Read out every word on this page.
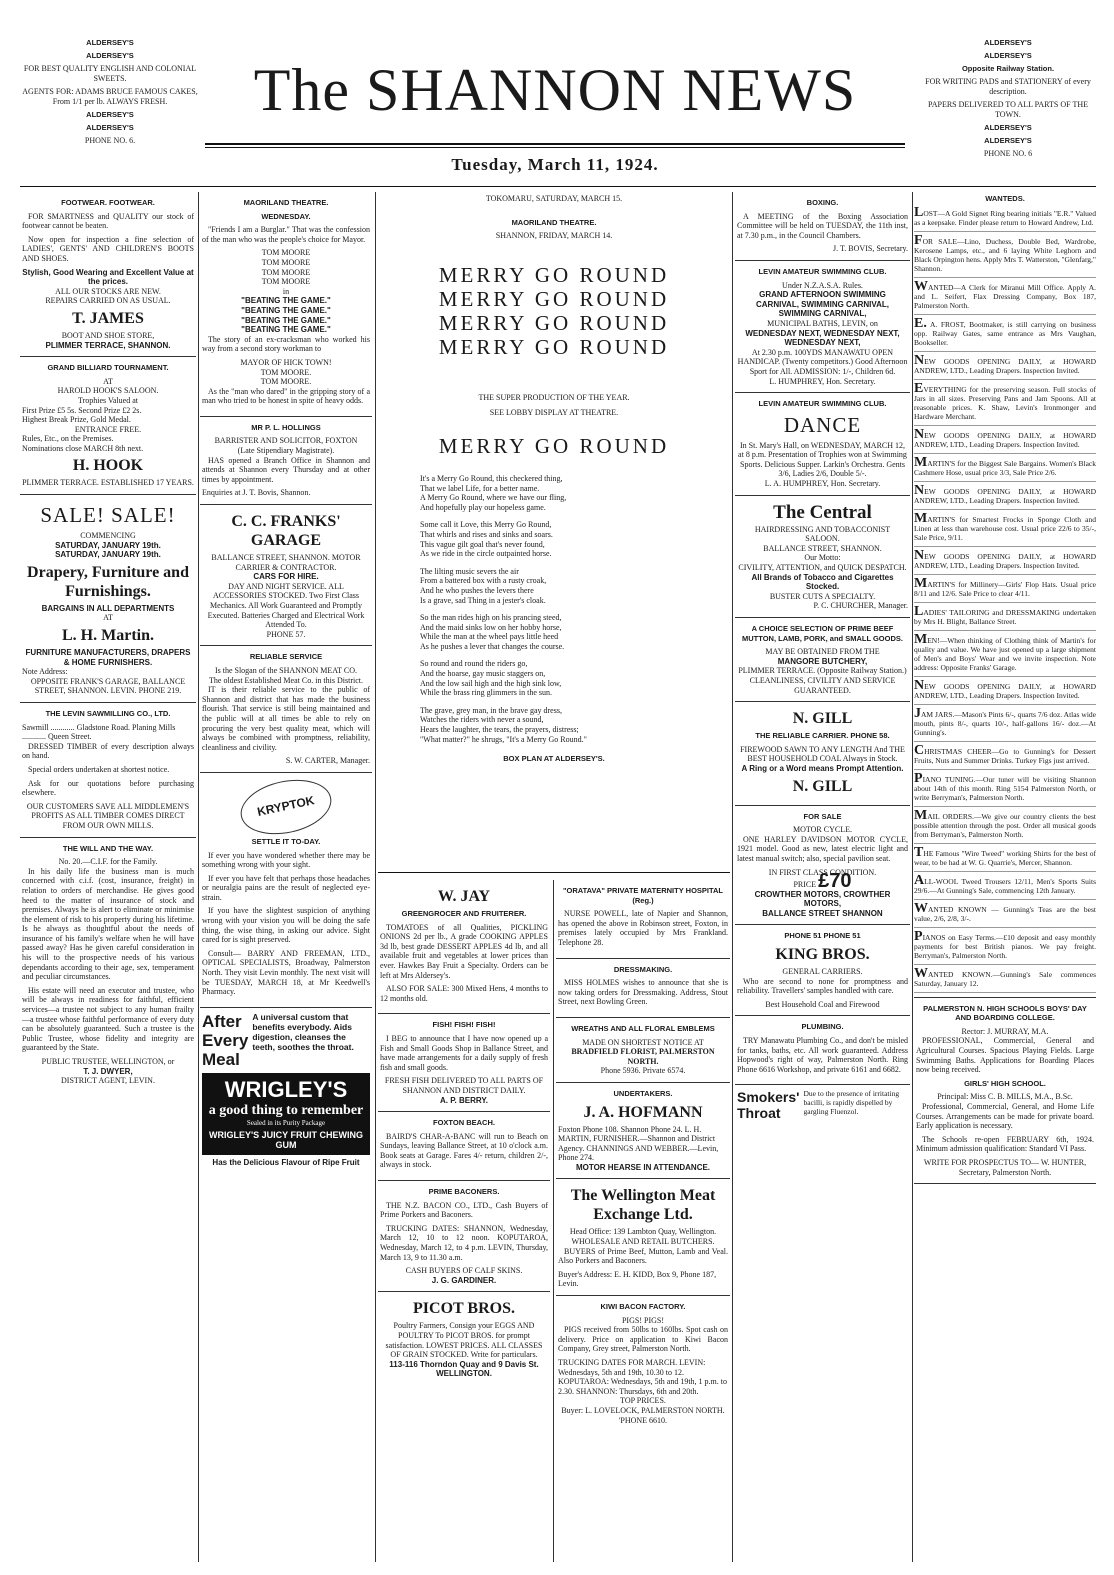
ALDERSEY'S
ALDERSEY'S
FOR BEST QUALITY ENGLISH AND COLONIAL SWEETS.
AGENTS FOR: ADAMS BRUCE FAMOUS CAKES, From 1/1 per lb. ALWAYS FRESH.
ALDERSEY'S
ALDERSEY'S
PHONE NO. 6.
The SHANNON NEWS
ALDERSEY'S
ALDERSEY'S
Opposite Railway Station.
FOR WRITING PADS and STATIONERY of every description.
PAPERS DELIVERED TO ALL PARTS OF THE TOWN.
ALDERSEY'S
ALDERSEY'S
PHONE NO. 6
Tuesday, March 11, 1924.
FOOTWEAR. FOOTWEAR.

FOR SMARTNESS and QUALITY our stock of footwear cannot be beaten.

Now open for inspection a fine selection of LADIES', GENTS' AND CHILDREN'S BOOTS AND SHOES.

Stylish, Good Wearing and Excellent Value at the prices.
ALL OUR STOCKS ARE NEW.
REPAIRS CARRIED ON AS USUAL.
T. JAMES
BOOT AND SHOE STORE,
PLIMMER TERRACE, SHANNON.
GRAND BILLIARD TOURNAMENT.
AT
HAROLD HOOK'S SALOON.
Trophies Valued at
First Prize £5 5s. Second Prize £2 2s.
Highest Break Prize, Gold Medal.
ENTRANCE FREE.
Rules, Etc., on the Premises.
Nominations close MARCH 8th next.
H. HOOK
PLIMMER TERRACE. ESTABLISHED 17 YEARS.
SALE! SALE!
COMMENCING
SATURDAY, JANUARY 19th.
SATURDAY, JANUARY 19th.
Drapery, Furniture and Furnishings.
BARGAINS IN ALL DEPARTMENTS
AT
L. H. Martin.
FURNITURE MANUFACTURERS, DRAPERS & HOME FURNISHERS.
Note Address:
OPPOSITE FRANK'S GARAGE, BALLANCE STREET, SHANNON. LEVIN. PHONE 219.
THE LEVIN SAWMILLING CO., LTD.
Sawmill ............ Gladstone Road. Planing Mills ............ Queen Street.

DRESSED TIMBER of every description always on hand.

Special orders undertaken at shortest notice.

Ask for our quotations before purchasing elsewhere.

OUR CUSTOMERS SAVE ALL MIDDLEMEN'S PROFITS AS ALL TIMBER COMES DIRECT FROM OUR OWN MILLS.
THE WILL AND THE WAY.
No. 20.—C.I.F. for the Family.

In his daily life the business man is much concerned with c.i.f. (cost, insurance, freight) in relation to orders of merchandise. He gives good heed to the matter of insurance of stock and premises. Always he is alert to eliminate or minimise the element of risk to his property during his lifetime. Is he always as thoughtful about the needs of insurance of his family's welfare when he will have passed away? Has he given careful consideration in his will to the prospective needs of his various dependants according to their age, sex, temperament and peculiar circumstances.

His estate will need an executor and trustee, who will be always in readiness for faithful, efficient services—a trustee not subject to any human frailty—a trustee whose faithful performance of every duty can be absolutely guaranteed. Such a trustee is the Public Trustee, whose fidelity and integrity are guaranteed by the State.

PUBLIC TRUSTEE, WELLINGTON, or
T. J. DWYER,
DISTRICT AGENT, LEVIN.
MAORILAND THEATRE.
WEDNESDAY.

"Friends I am a Burglar." That was the confession of the man who was the people's choice for Mayor.

TOM MOORE
TOM MOORE
TOM MOORE
TOM MOORE
in
"BEATING THE GAME."
"BEATING THE GAME."
"BEATING THE GAME."
"BEATING THE GAME."

The story of an ex-cracksman who worked his way from a second story workman to

MAYOR OF HICK TOWN!
TOM MOORE.
TOM MOORE.

As the "man who dared" in the gripping story of a man who tried to be honest in spite of heavy odds.

MR P. L. HOLLINGS
BARRISTER AND SOLICITOR, FOXTON
(Late Stipendiary Magistrate).

HAS opened a Branch Office in Shannon and attends at Shannon every Thursday and at other times by appointment.

Enquiries at J. T. Bovis, Shannon.
C. C. FRANKS' GARAGE
BALLANCE STREET, SHANNON. MOTOR CARRIER & CONTRACTOR.
CARS FOR HIRE.
DAY AND NIGHT SERVICE. ALL ACCESSORIES STOCKED. Two First Class Mechanics. All Work Guaranteed and Promptly Executed. Batteries Charged and Electrical Work Attended To.
PHONE 57.
RELIABLE SERVICE
Is the Slogan of the SHANNON MEAT CO.
The oldest Established Meat Co. in this District.

IT is their reliable service to the public of Shannon and district that has made the business flourish. That service is still being maintained and the public will at all times be able to rely on procuring the very best quality meat, which will always be combined with promptness, reliability, cleanliness and civility.

S. W. CARTER, Manager.
KRYPTOK
SETTLE IT TO-DAY.

If ever you have wondered whether there may be something wrong with your sight.

If ever you have felt that perhaps those headaches or neuralgia pains are the result of neglected eye-strain.

If you have the slightest suspicion of anything wrong with your vision you will be doing the safe thing, the wise thing, in asking our advice. Sight cared for is sight preserved.

Consult— BARRY AND FREEMAN, LTD., OPTICAL SPECIALISTS, Broadway, Palmerston North. They visit Levin monthly. The next visit will be TUESDAY, MARCH 18, at Mr Keedwell's Pharmacy.

After Every Meal
A universal custom that benefits everybody. Aids digestion, cleanses the teeth, soothes the throat.
WRIGLEY'S
a good thing to remember
Sealed in its Purity Package
WRIGLEY'S JUICY FRUIT CHEWING GUM
Has the Delicious Flavour of Ripe Fruit
TOKOMARU, SATURDAY, MARCH 15.
MAORILAND THEATRE.
SHANNON, FRIDAY, MARCH 14.
MERRY GO ROUND
MERRY GO ROUND
MERRY GO ROUND
MERRY GO ROUND
THE SUPER PRODUCTION OF THE YEAR.
SEE LOBBY DISPLAY AT THEATRE.
MERRY GO ROUND
It's a Merry Go Round, this checkered thing,
That we label Life, for a better name.
A Merry Go Round, where we have our fling,
And hopefully play our hopeless game.
Some call it Love, this Merry Go Round,
That whirls and rises and sinks and soars.
This vague gilt goal that's never found,
As we ride in the circle outpainted horse.
The lilting music severs the air
From a battered box with a rusty croak,
And he who pushes the levers there
Is a grave, sad Thing in a jester's cloak.
So the man rides high on his prancing steed,
And the maid sinks low on her hobby horse,
While the man at the wheel pays little heed
As he pushes a lever that changes the course.
So round and round the riders go,
And the hoarse, gay music staggers on,
And the low sail high and the high sink low,
While the brass ring glimmers in the sun.
The grave, grey man, in the brave gay dress,
Watches the riders with never a sound,
Hears the laughter, the tears, the prayers, distress;
"What matter?" he shrugs, "It's a Merry Go Round."
BOX PLAN AT ALDERSEY'S.
W. JAY
GREENGROCER AND FRUITERER.

TOMATOES of all Qualities, PICKLING ONIONS 2d per lb., A grade COOKING APPLES 3d lb, best grade DESSERT APPLES 4d lb, and all available fruit and vegetables at lower prices than ever. Hawkes Bay Fruit a Specialty. Orders can be left at Mrs Aldersey's.

ALSO FOR SALE: 300 Mixed Hens, 4 months to 12 months old.

FISH! FISH! FISH!

I BEG to announce that I have now opened up a Fish and Small Goods Shop in Ballance Street, and have made arrangements for a daily supply of fresh fish and small goods.

FRESH FISH DELIVERED TO ALL PARTS OF SHANNON AND DISTRICT DAILY.
A. P. BERRY.
FOXTON BEACH.

BAIRD'S CHAR-A-BANC will run to Beach on Sundays, leaving Ballance Street, at 10 o'clock a.m. Book seats at Garage. Fares 4/- return, children 2/-, always in stock.

PRIME BACONERS.

THE N.Z. BACON CO., LTD., Cash Buyers of Prime Porkers and Baconers.

TRUCKING DATES: SHANNON, Wednesday, March 12, 10 to 12 noon. KOPUTAROA, Wednesday, March 12, to 4 p.m. LEVIN, Thursday, March 13, 9 to 11.30 a.m.

CASH BUYERS OF CALF SKINS.
J. G. GARDINER.
PICOT BROS.
Poultry Farmers, Consign your EGGS AND POULTRY To PICOT BROS. for prompt satisfaction. LOWEST PRICES. ALL CLASSES OF GRAIN STOCKED. Write for particulars.
113-116 Thorndon Quay and 9 Davis St. WELLINGTON.
"ORATAVA" PRIVATE MATERNITY HOSPITAL (Reg.)

NURSE POWELL, late of Napier and Shannon, has opened the above in Robinson street, Foxton, in premises lately occupied by Mrs Frankland. Telephone 28.

DRESSMAKING.

MISS HOLMES wishes to announce that she is now taking orders for Dressmaking. Address, Stout Street, next Bowling Green.

WREATHS AND ALL FLORAL EMBLEMS
MADE ON SHORTEST NOTICE AT
BRADFIELD FLORIST, PALMERSTON NORTH.
Phone 5936. Private 6574.
UNDERTAKERS.
J. A. HOFMANN
Foxton Phone 108. Shannon Phone 24. L. H. MARTIN, FURNISHER.—Shannon and District Agency. CHANNINGS AND WEBBER.—Levin, Phone 274.
MOTOR HEARSE IN ATTENDANCE.
The Wellington Meat Exchange Ltd.
Head Office: 139 Lambton Quay, Wellington.
WHOLESALE AND RETAIL BUTCHERS.

BUYERS of Prime Beef, Mutton, Lamb and Veal. Also Porkers and Baconers.

Buyer's Address: E. H. KIDD, Box 9, Phone 187, Levin.
KIWI BACON FACTORY.
PIGS! PIGS!

PIGS received from 50lbs to 160lbs. Spot cash on delivery. Price on application to Kiwi Bacon Company, Grey street, Palmerston North.

TRUCKING DATES FOR MARCH. LEVIN: Wednesdays, 5th and 19th, 10.30 to 12. KOPUTAROA: Wednesdays, 5th and 19th, 1 p.m. to 2.30. SHANNON: Thursdays, 6th and 20th.
TOP PRICES.
Buyer: L. LOVELOCK, PALMERSTON NORTH. 'PHONE 6610.
BOXING.

A MEETING of the Boxing Association Committee will be held on TUESDAY, the 11th inst, at 7.30 p.m., in the Council Chambers.

J. T. BOVIS, Secretary.
LEVIN AMATEUR SWIMMING CLUB.
Under N.Z.A.S.A. Rules.
GRAND AFTERNOON SWIMMING CARNIVAL, SWIMMING CARNIVAL, SWIMMING CARNIVAL,
MUNICIPAL BATHS, LEVIN, on
WEDNESDAY NEXT, WEDNESDAY NEXT, WEDNESDAY NEXT,
At 2.30 p.m. 100YDS MANAWATU OPEN HANDICAP. (Twenty competitors.) Good Afternoon Sport for All. ADMISSION: 1/-, Children 6d.
L. HUMPHREY, Hon. Secretary.
LEVIN AMATEUR SWIMMING CLUB.
DANCE
In St. Mary's Hall, on WEDNESDAY, MARCH 12, at 8 p.m. Presentation of Trophies won at Swimming Sports. Delicious Supper. Larkin's Orchestra. Gents 3/6, Ladies 2/6, Double 5/-.
L. A. HUMPHREY, Hon. Secretary.
The Central
HAIRDRESSING AND TOBACCONIST SALOON.
BALLANCE STREET, SHANNON.
Our Motto:
CIVILITY, ATTENTION, and QUICK DESPATCH.
All Brands of Tobacco and Cigarettes Stocked.
BUSTER CUTS A SPECIALTY.
P. C. CHURCHER, Manager.
A CHOICE SELECTION OF PRIME BEEF MUTTON, LAMB, PORK, and SMALL GOODS.
MAY BE OBTAINED FROM THE
MANGORE BUTCHERY,
PLIMMER TERRACE. (Opposite Railway Station.)
CLEANLINESS, CIVILITY AND SERVICE GUARANTEED.
N. GILL
THE RELIABLE CARRIER. PHONE 58.
FIREWOOD SAWN TO ANY LENGTH And THE BEST HOUSEHOLD COAL Always in Stock.
A Ring or a Word means Prompt Attention.
N. GILL
FOR SALE
MOTOR CYCLE.

ONE HARLEY DAVIDSON MOTOR CYCLE, 1921 model. Good as new, latest electric light and latest manual switch; also, special pavilion seat.

IN FIRST CLASS CONDITION.
PRICE £70
CROWTHER MOTORS, CROWTHER MOTORS,
BALLANCE STREET SHANNON
PHONE 51 PHONE 51
KING BROS.
GENERAL CARRIERS.

Who are second to none for promptness and reliability. Travellers' samples handled with care.

Best Household Coal and Firewood
PLUMBING.

TRY Manawatu Plumbing Co., and don't be misled for tanks, baths, etc. All work guaranteed. Address Hopwood's right of way, Palmerston North. Ring Phone 6616 Workshop, and private 6161 and 6682.

Smokers' Throat
Due to the presence of irritating bacilli, is rapidly dispelled by gargling Fluenzol.
WANTEDS.

LOST—A Gold Signet Ring bearing initials "E.R." Valued as a keepsake. Finder please return to Howard Andrew, Ltd.

FOR SALE—Lino, Duchess, Double Bed, Wardrobe, Kerosene Lamps, etc., and 6 laying White Leghorn and Black Orpington hens. Apply Mrs T. Watterston, "Glenfarg," Shannon.

WANTED—A Clerk for Miranui Mill Office. Apply A. and L. Seifert, Flax Dressing Company, Box 187, Palmerston North.

E. A. FROST, Bootmaker, is still carrying on business opp. Railway Gates, same entrance as Mrs Vaughan, Bookseller.

NEW GOODS OPENING DAILY, at HOWARD ANDREW, LTD., Leading Drapers. Inspection Invited.

EVERYTHING for the preserving season. Full stocks of Jars in all sizes. Preserving Pans and Jam Spoons. All at reasonable prices. K. Shaw, Levin's Ironmonger and Hardware Merchant.

NEW GOODS OPENING DAILY, at HOWARD ANDREW, LTD., Leading Drapers. Inspection Invited.

MARTIN'S for the Biggest Sale Bargains. Women's Black Cashmere Hose, usual price 3/3, Sale Price 2/6.

NEW GOODS OPENING DAILY, at HOWARD ANDREW, LTD., Leading Drapers. Inspection Invited.

MARTIN'S for Smartest Frocks in Sponge Cloth and Linen at less than warehouse cost. Usual price 22/6 to 35/-, Sale Price, 9/11.

NEW GOODS OPENING DAILY, at HOWARD ANDREW, LTD., Leading Drapers. Inspection Invited.

MARTIN'S for Millinery—Girls' Flop Hats. Usual price 8/11 and 12/6. Sale Price to clear 4/11.

LADIES' TAILORING and DRESSMAKING undertaken by Mrs H. Blight, Ballance Street.

MEN!—When thinking of Clothing think of Martin's for quality and value. We have just opened up a large shipment of Men's and Boys' Wear and we invite inspection. Note address: Opposite Franks' Garage.

NEW GOODS OPENING DAILY, at HOWARD ANDREW, LTD., Leading Drapers. Inspection Invited.

JAM JARS.—Mason's Pints 6/-, quarts 7/6 doz. Atlas wide mouth, pints 8/-, quarts 10/-, half-gallons 16/- doz.—At Gunning's.

CHRISTMAS CHEER—Go to Gunning's for Dessert Fruits, Nuts and Summer Drinks. Turkey Figs just arrived.

PIANO TUNING.—Our tuner will be visiting Shannon about 14th of this month. Ring 5154 Palmerston North, or write Berryman's, Palmerston North.

MAIL ORDERS.—We give our country clients the best possible attention through the post. Order all musical goods from Berryman's, Palmerston North.

THE Famous "Wire Tweed" working Shirts for the best of wear, to be had at W. G. Quarrie's, Mercer, Shannon.

ALL-WOOL Tweed Trousers 12/11, Men's Sports Suits 29/6.—At Gunning's Sale, commencing 12th January.

WANTED KNOWN — Gunning's Teas are the best value, 2/6, 2/8, 3/-.

PIANOS on Easy Terms.—£10 deposit and easy monthly payments for best British pianos. We pay freight. Berryman's, Palmerston North.

WANTED KNOWN.—Gunning's Sale commences Saturday, January 12.

PALMERSTON N. HIGH SCHOOLS BOYS' DAY AND BOARDING COLLEGE.
Rector: J. MURRAY, M.A.

PROFESSIONAL, Commercial, General and Agricultural Courses. Spacious Playing Fields. Large Swimming Baths. Applications for Boarding Places now being received.

GIRLS' HIGH SCHOOL.
Principal: Miss C. B. MILLS, M.A., B.Sc.

Professional, Commercial, General, and Home Life Courses. Arrangements can be made for private board. Early application is necessary.

The Schools re-open FEBRUARY 6th, 1924. Minimum admission qualification: Standard VI Pass.

WRITE FOR PROSPECTUS TO— W. HUNTER, Secretary, Palmerston North.
